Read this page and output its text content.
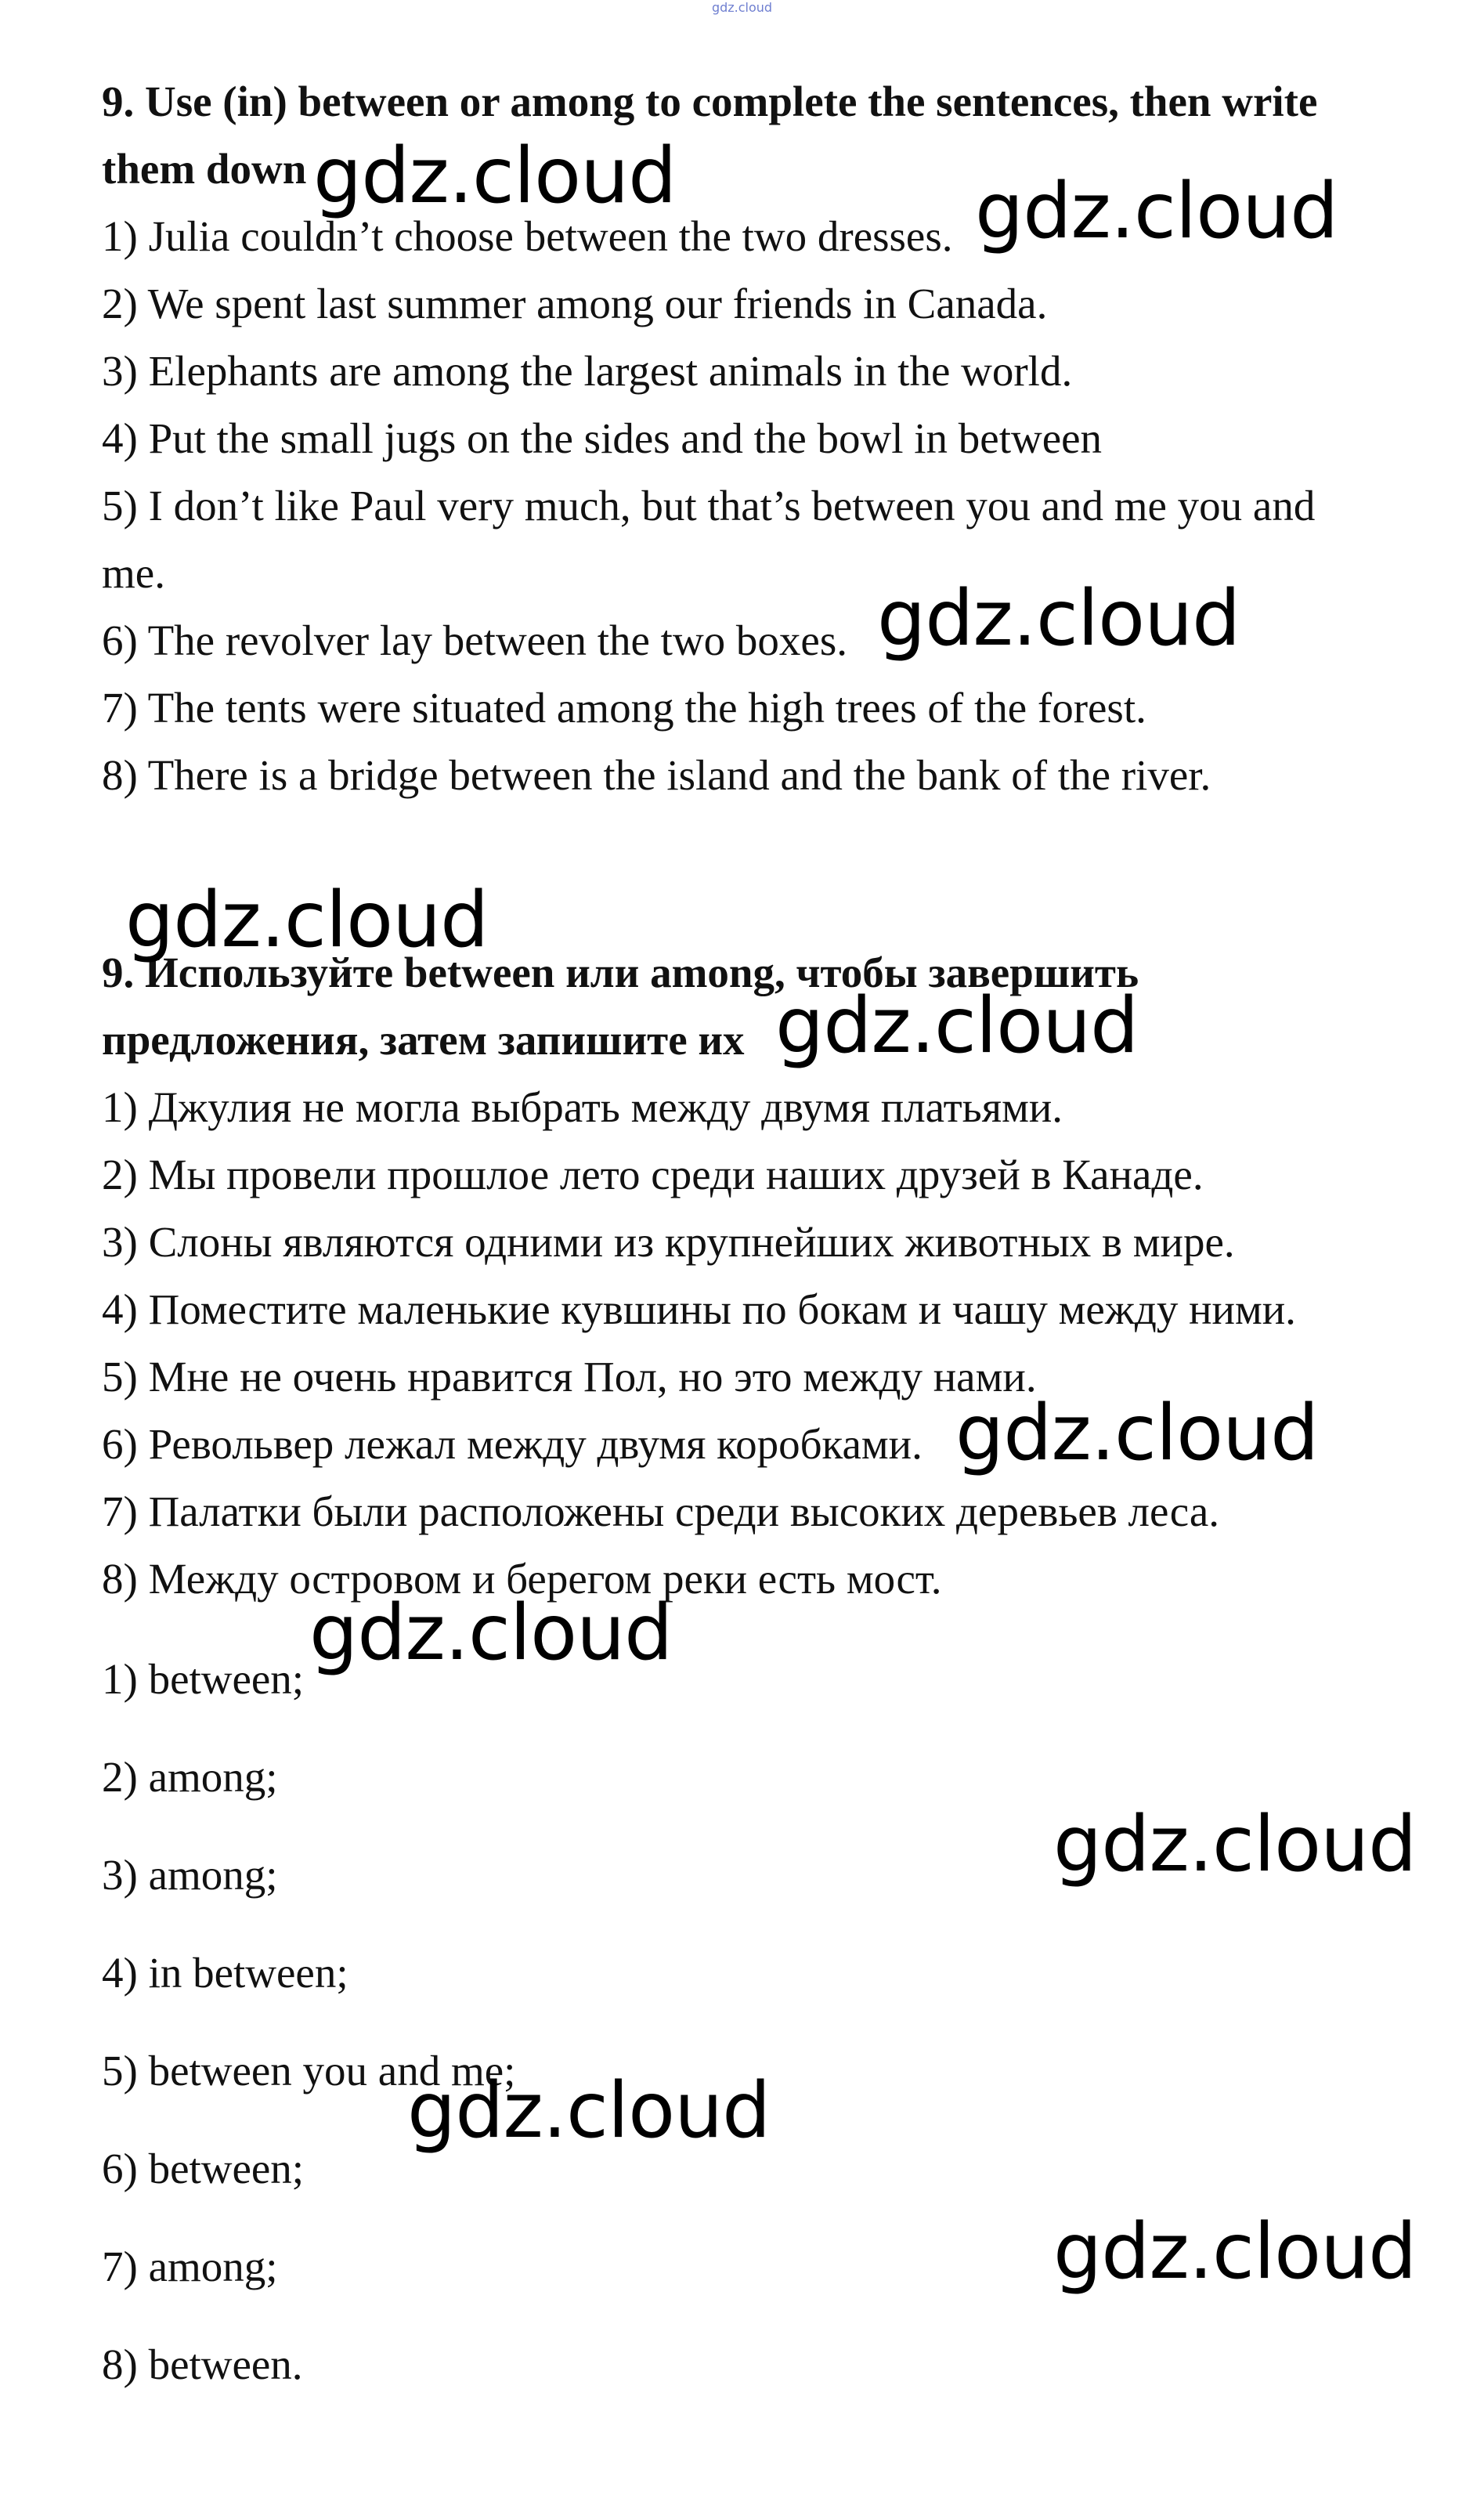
gdz.cloud
9. Use (in) between or among to complete the sentences, then write
them down
1) Julia couldn’t choose between the two dresses.
2) We spent last summer among our friends in Canada.
3) Elephants are among the largest animals in the world.
4) Put the small jugs on the sides and the bowl in between
5) I don’t like Paul very much, but that’s between you and me you and
me.
6) The revolver lay between the two boxes.
7) The tents were situated among the high trees of the forest.
8) There is a bridge between the island and the bank of the river.
9. Используйте between или among, чтобы завершить
предложения, затем запишите их
1) Джулия не могла выбрать между двумя платьями.
2) Мы провели прошлое лето среди наших друзей в Канаде.
3) Слоны являются одними из крупнейших животных в мире.
4) Поместите маленькие кувшины по бокам и чашу между ними.
5) Мне не очень нравится Пол, но это между нами.
6) Револьвер лежал между двумя коробками.
7) Палатки были расположены среди высоких деревьев леса.
8) Между островом и берегом реки есть мост.
1) between;
2) among;
3) among;
4) in between;
5) between you and me;
6) between;
7) among;
8) between.
gdz.cloud	gdz.cloud
gdz.cloud
gdz.cloud
gdz.cloud
gdz.cloud
gdz.cloud
gdz.cloud
gdz.cloud
gdz.cloud
